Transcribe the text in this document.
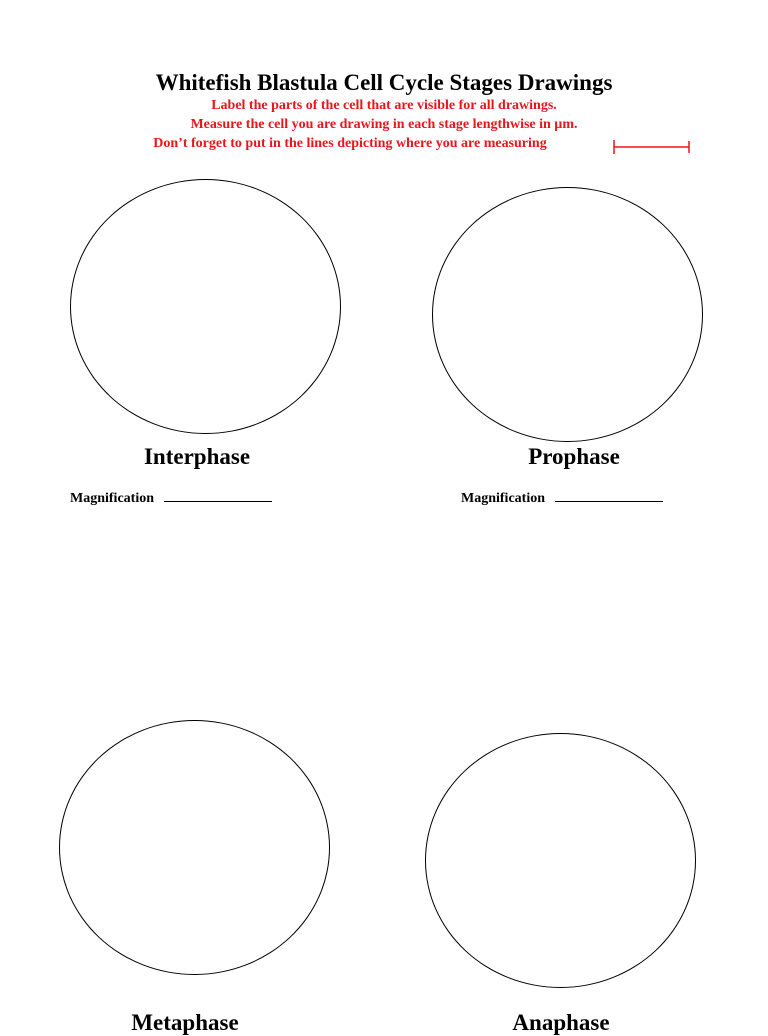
Whitefish Blastula Cell Cycle Stages Drawings
Label the parts of the cell that are visible for all drawings.
Measure the cell you are drawing in each stage lengthwise in µm.
Don’t forget to put in the lines depicting where you are measuring
Interphase	Prophase
Magnification	Magnification
Metaphase	Anaphase
